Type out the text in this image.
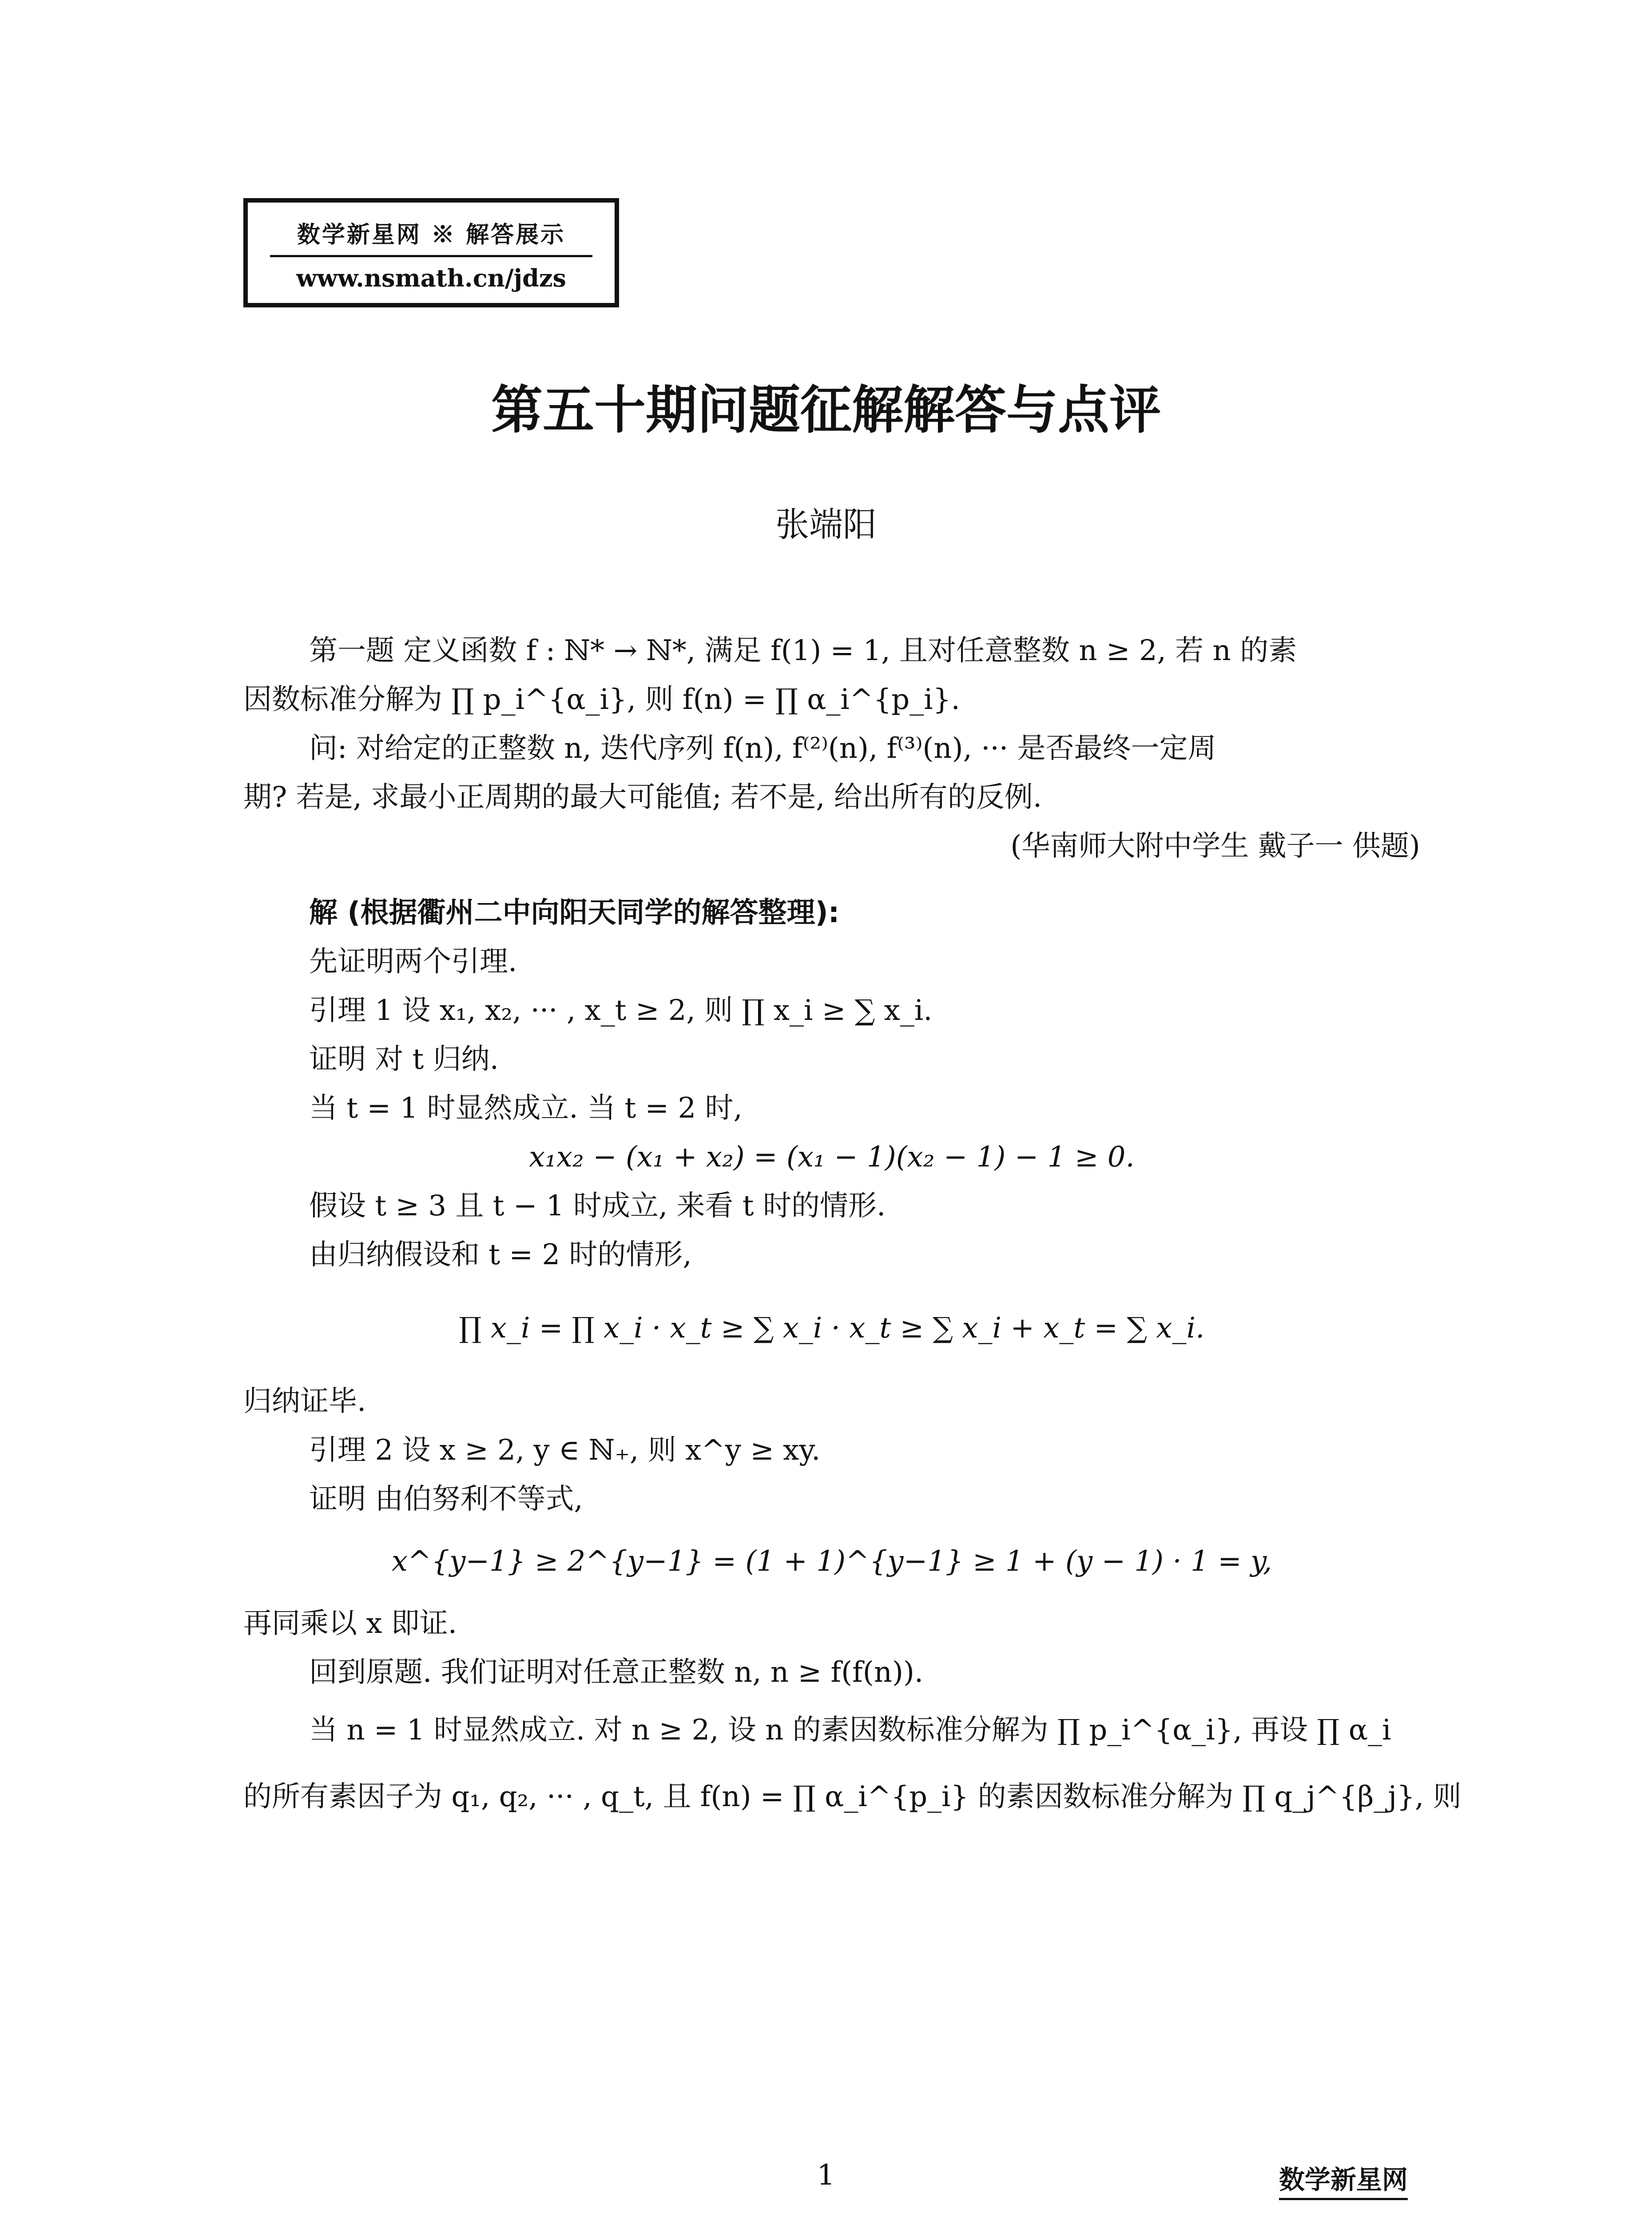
数学新星网 ※ 解答展示
www.nsmath.cn/jdzs
第五十期问题征解解答与点评
张端阳

第一题 定义函数 f : ℕ* → ℕ*, 满足 f(1) = 1, 且对任意整数 n ≥ 2, 若 n 的素

因数标准分解为 ∏ p_i^{α_i}, 则 f(n) = ∏ α_i^{p_i}.

问: 对给定的正整数 n, 迭代序列 f(n), f⁽²⁾(n), f⁽³⁾(n), ··· 是否最终一定周

期? 若是, 求最小正周期的最大可能值; 若不是, 给出所有的反例.

(华南师大附中学生 戴子一 供题)

解 (根据衢州二中向阳天同学的解答整理):

先证明两个引理.

引理 1 设 x₁, x₂, ··· , x_t ≥ 2, 则 ∏ x_i ≥ ∑ x_i.

证明 对 t 归纳.

当 t = 1 时显然成立. 当 t = 2 时,

x₁x₂ − (x₁ + x₂) = (x₁ − 1)(x₂ − 1) − 1 ≥ 0.

假设 t ≥ 3 且 t − 1 时成立, 来看 t 时的情形.

由归纳假设和 t = 2 时的情形,

∏ x_i = ∏ x_i · x_t ≥ ∑ x_i · x_t ≥ ∑ x_i + x_t = ∑ x_i.

归纳证毕.

引理 2 设 x ≥ 2, y ∈ ℕ₊, 则 x^y ≥ xy.

证明 由伯努利不等式,

x^{y−1} ≥ 2^{y−1} = (1 + 1)^{y−1} ≥ 1 + (y − 1) · 1 = y,

再同乘以 x 即证.

回到原题. 我们证明对任意正整数 n, n ≥ f(f(n)).

当 n = 1 时显然成立. 对 n ≥ 2, 设 n 的素因数标准分解为 ∏ p_i^{α_i}, 再设 ∏ α_i

的所有素因子为 q₁, q₂, ··· , q_t, 且 f(n) = ∏ α_i^{p_i} 的素因数标准分解为 ∏ q_j^{β_j}, 则

1	数学新星网
